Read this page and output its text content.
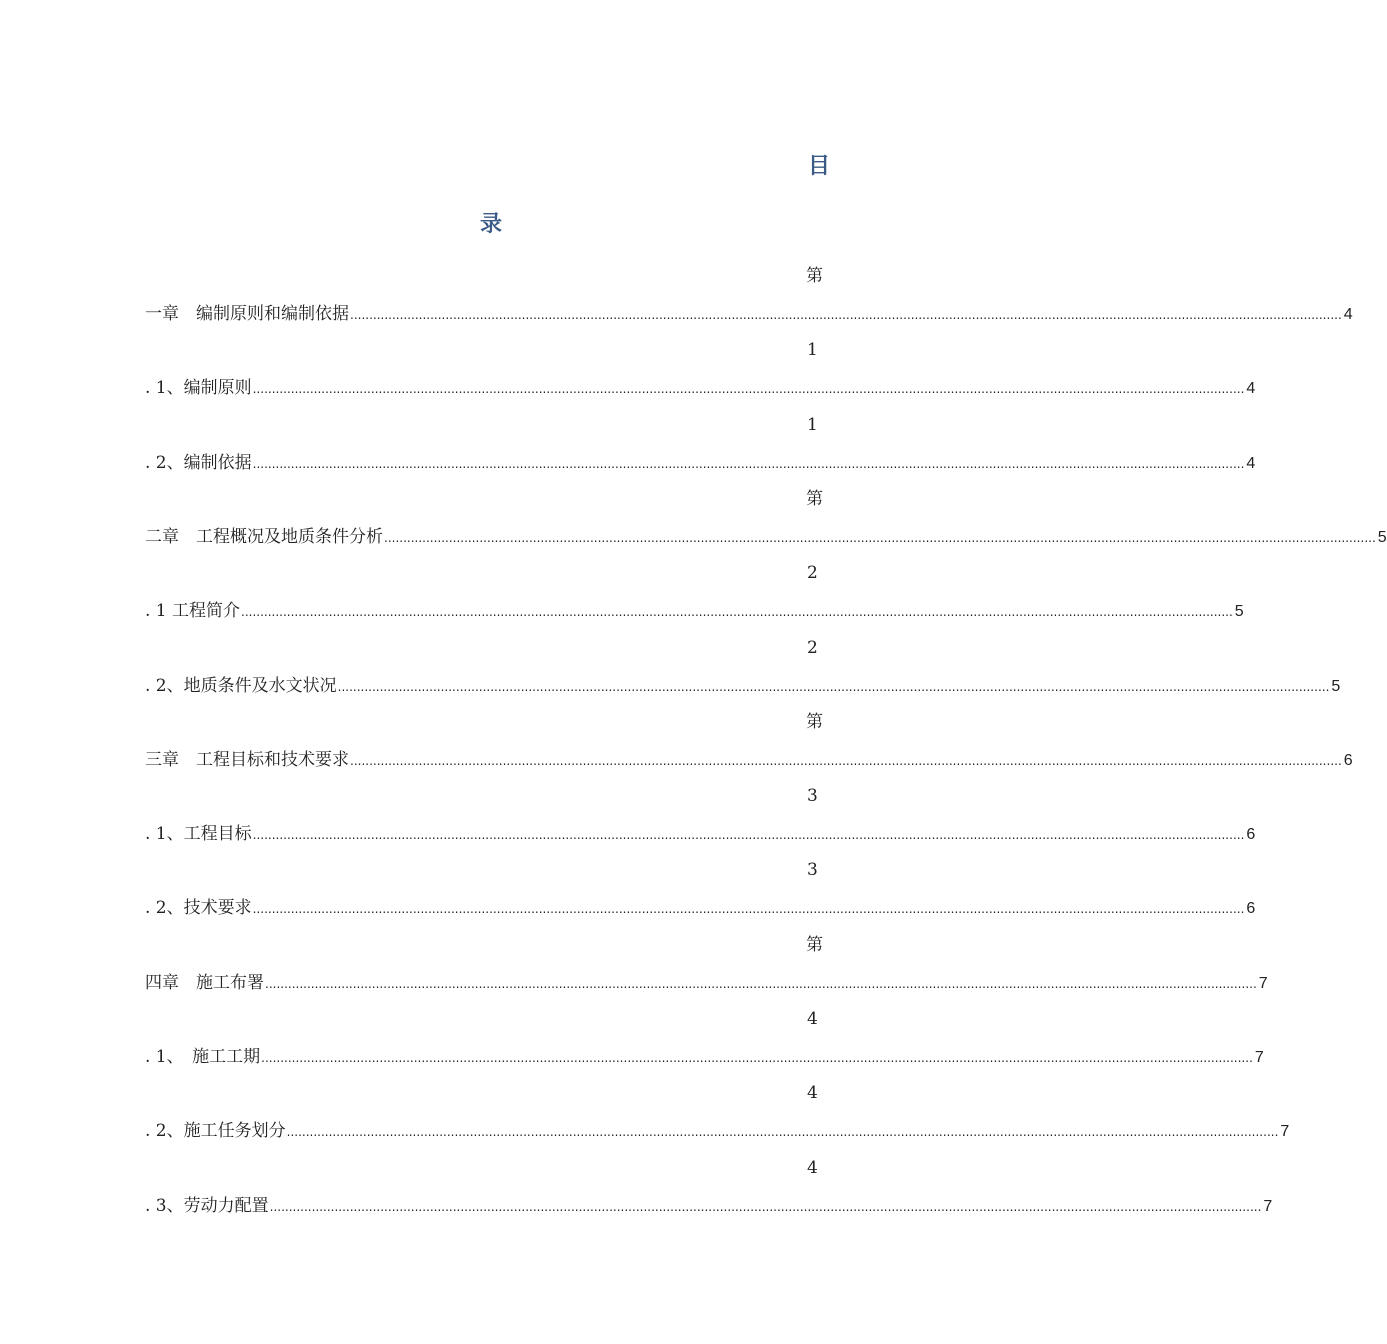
目
录
第
一章　编制原则和编制依据 .................................................................................................................................................................................................................................................................... 4
1
. 1、编制原则 .................................................................................................................................................................................................................................................................... 4
1
. 2、编制依据 .................................................................................................................................................................................................................................................................... 4
第
二章　工程概况及地质条件分析 .................................................................................................................................................................................................................................................................... 5
2
. 1 工程简介 .................................................................................................................................................................................................................................................................... 5
2
. 2、地质条件及水文状况 .................................................................................................................................................................................................................................................................... 5
第
三章　工程目标和技术要求 .................................................................................................................................................................................................................................................................... 6
3
. 1、工程目标 .................................................................................................................................................................................................................................................................... 6
3
. 2、技术要求 .................................................................................................................................................................................................................................................................... 6
第
四章　施工布署 .................................................................................................................................................................................................................................................................... 7
4
. 1、　施工工期 .................................................................................................................................................................................................................................................................... 7
4
. 2、施工任务划分 .................................................................................................................................................................................................................................................................... 7
4
. 3、劳动力配置 .................................................................................................................................................................................................................................................................... 7
